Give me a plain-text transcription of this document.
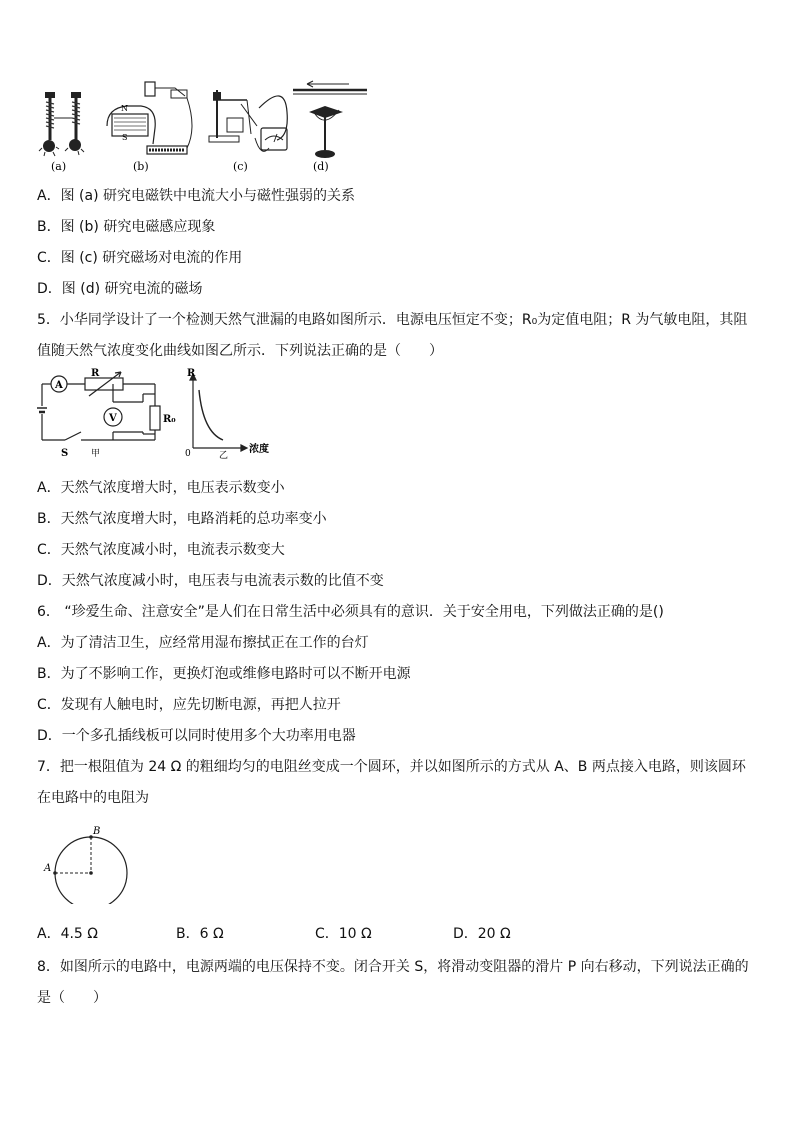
(a)
N
S
(b)	(c)	(d)
A．图 (a) 研究电磁铁中电流大小与磁性强弱的关系
B．图 (b) 研究电磁感应现象
C．图 (c) 研究磁场对电流的作用
D．图 (d) 研究电流的磁场
5．小华同学设计了一个检测天然气泄漏的电路如图所示．电源电压恒定不变；R₀为定值电阻；R 为气敏电阻，其阻值随天然气浓度变化曲线如图乙所示．下列说法正确的是（　　）
A
V
R
R₀
S	甲
R
浓度
0	乙
A．天然气浓度增大时，电压表示数变小
B．天然气浓度增大时，电路消耗的总功率变小
C．天然气浓度减小时，电流表示数变大
D．天然气浓度减小时，电压表与电流表示数的比值不变
6． “珍爱生命、注意安全”是人们在日常生活中必须具有的意识．关于安全用电，下列做法正确的是()
A．为了清洁卫生，应经常用湿布擦拭正在工作的台灯
B．为了不影响工作，更换灯泡或维修电路时可以不断开电源
C．发现有人触电时，应先切断电源，再把人拉开
D．一个多孔插线板可以同时使用多个大功率用电器
7．把一根阻值为 24 Ω 的粗细均匀的电阻丝变成一个圆环，并以如图所示的方式从 A、B 两点接入电路，则该圆环在电路中的电阻为
A
B
A．4.5 Ω	B．6 Ω	C．10 Ω	D．20 Ω
8．如图所示的电路中，电源两端的电压保持不变。闭合开关 S，将滑动变阻器的滑片 P 向右移动，下列说法正确的是（　　）
